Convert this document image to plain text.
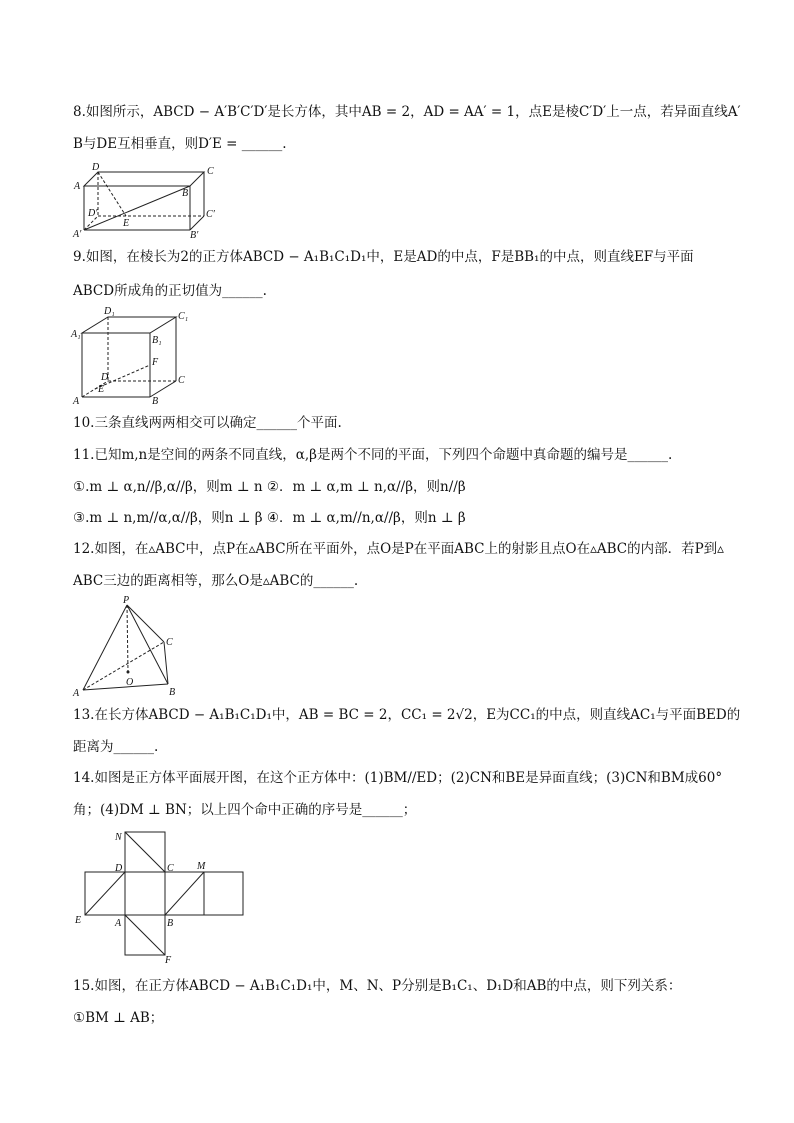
8.如图所示，ABCD − A′B′C′D′是长方体，其中AB = 2，AD = AA′ = 1，点E是棱C′D′上一点，若异面直线A′
B与DE互相垂直，则D′E = ______.
D	C
A
B
D′
E
C′
A′	B′
9.如图，在棱长为2的正方体ABCD − A₁B₁C₁D₁中，E是AD的中点，F是BB₁的中点，则直线EF与平面
ABCD所成角的正切值为______.
D₁	C₁
A₁
B₁
F
D	C
E
A	B
10.三条直线两两相交可以确定______个平面.
11.已知m,n是空间的两条不同直线，α,β是两个不同的平面，下列四个命题中真命题的编号是______.
①.m ⊥ α,n//β,α//β，则m ⊥ n ②．m ⊥ α,m ⊥ n,α//β，则n//β
③.m ⊥ n,m//α,α//β，则n ⊥ β ④．m ⊥ α,m//n,α//β，则n ⊥ β
12.如图，在▵ABC中，点P在▵ABC所在平面外，点O是P在平面ABC上的射影且点O在▵ABC的内部．若P到▵
ABC三边的距离相等，那么O是▵ABC的______.
P
C
O
A	B
13.在长方体ABCD − A₁B₁C₁D₁中，AB = BC = 2，CC₁ = 2√2，E为CC₁的中点，则直线AC₁与平面BED的
距离为______.
14.如图是正方体平面展开图，在这个正方体中：(1)BM//ED；(2)CN和BE是异面直线；(3)CN和BM成60°
角；(4)DM ⊥ BN；以上四个命中正确的序号是______；
N
D	C M
E	A	B
F
15.如图，在正方体ABCD − A₁B₁C₁D₁中，M、N、P分别是B₁C₁、D₁D和AB的中点，则下列关系：
①BM ⊥ AB；
